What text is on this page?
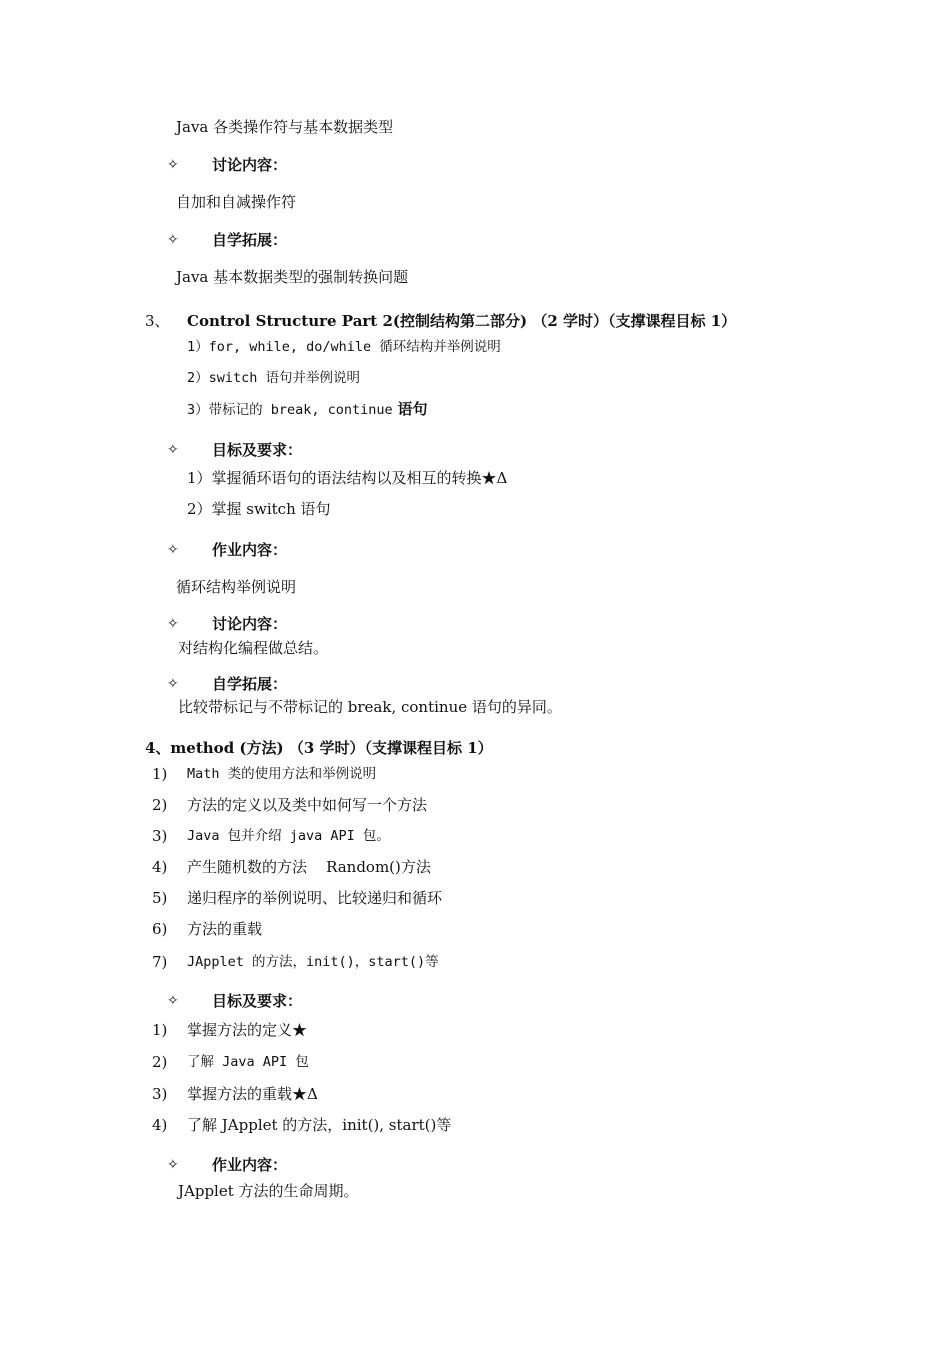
Java 各类操作符与基本数据类型
✧ 讨论内容：
自加和自减操作符
✧ 自学拓展：
Java 基本数据类型的强制转换问题
3、 Control Structure Part 2(控制结构第二部分) （2 学时）（支撑课程目标 1）
1）for, while, do/while 循环结构并举例说明
2）switch 语句并举例说明
3）带标记的 break, continue 语句
✧ 目标及要求：
1）掌握循环语句的语法结构以及相互的转换★Δ
2）掌握 switch 语句
✧ 作业内容：
循环结构举例说明
✧ 讨论内容：
对结构化编程做总结。
✧ 自学拓展：
比较带标记与不带标记的 break, continue 语句的异同。
4、method (方法) （3 学时）（支撑课程目标 1）
1) Math 类的使用方法和举例说明
2) 方法的定义以及类中如何写一个方法
3) Java 包并介绍 java API 包。
4) 产生随机数的方法    Random()方法
5) 递归程序的举例说明、比较递归和循环
6) 方法的重载
7) JApplet 的方法，init()，start()等
✧ 目标及要求：
1) 掌握方法的定义★
2) 了解 Java API 包
3) 掌握方法的重载★Δ
4) 了解 JApplet 的方法，init(), start()等
✧ 作业内容：
JApplet 方法的生命周期。
